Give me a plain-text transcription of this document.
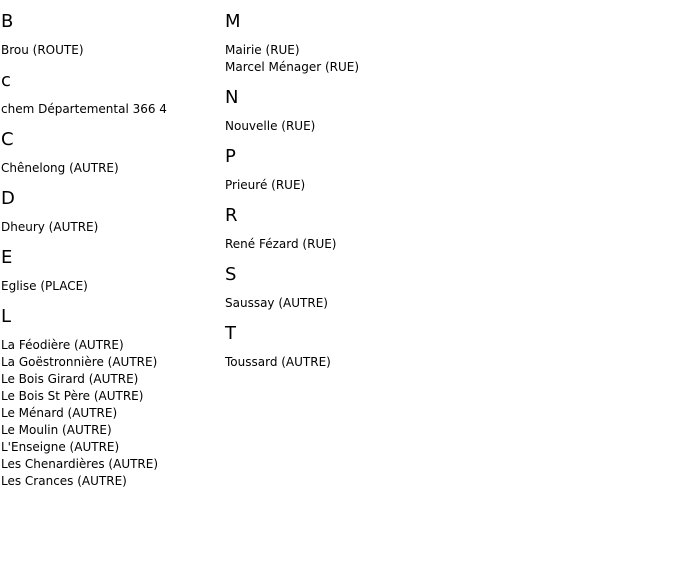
B
Brou (ROUTE)
c
chem Départemental 366 4
C
Chênelong (AUTRE)
D
Dheury (AUTRE)
E
Eglise (PLACE)
L
La Féodière (AUTRE)
La Goëstronnière (AUTRE)
Le Bois Girard (AUTRE)
Le Bois St Père (AUTRE)
Le Ménard (AUTRE)
Le Moulin (AUTRE)
L'Enseigne (AUTRE)
Les Chenardières (AUTRE)
Les Crances (AUTRE)
M
Mairie (RUE)
Marcel Ménager (RUE)
N
Nouvelle (RUE)
P
Prieuré (RUE)
R
René Fézard (RUE)
S
Saussay (AUTRE)
T
Toussard (AUTRE)
